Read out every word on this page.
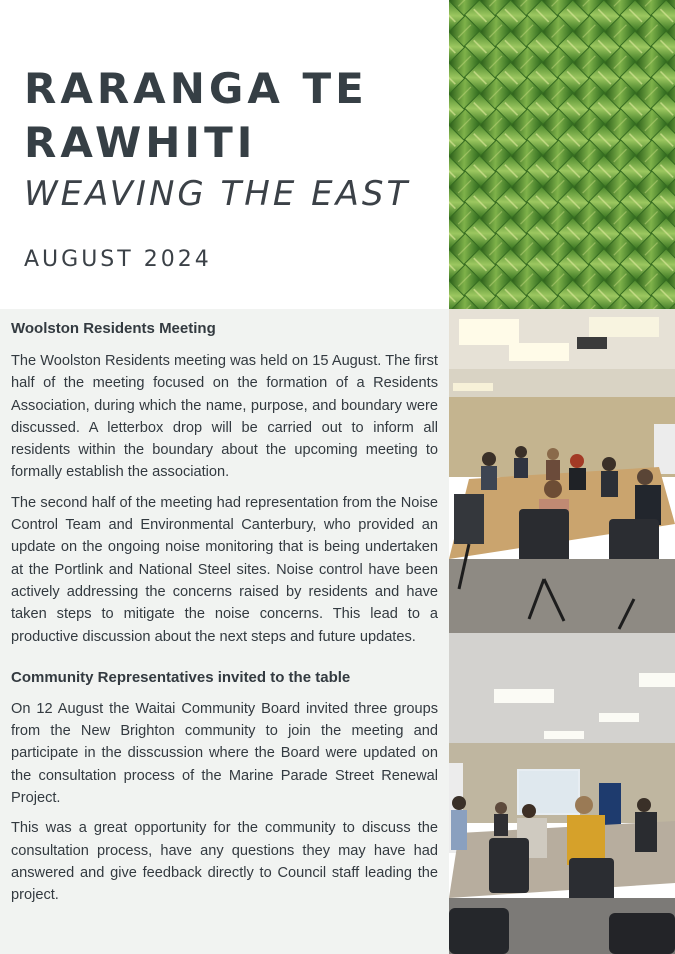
RARANGA TE
RAWHITI
WEAVING THE EAST
AUGUST 2024
Woolston Residents Meeting

The Woolston Residents meeting was held on 15 August. The first half of the meeting focused on the formation of a Residents Association, during which the name, purpose, and boundary were discussed. A letterbox drop will be carried out to inform all residents within the boundary about the upcoming meeting to formally establish the association.

The second half of the meeting had representation from the Noise Control Team and Environmental Canterbury, who provided an update on the ongoing noise monitoring that is being undertaken at the Portlink and National Steel sites. Noise control have been actively addressing the concerns raised by residents and have taken steps to mitigate the noise concerns. This lead to a productive discussion about the next steps and future updates.

Community Representatives invited to the table

On 12 August the Waitai Community Board invited three groups from the New Brighton community to join the meeting and participate in the disscussion where the Board were updated on the consultation process of the Marine Parade Street Renewal Project.

This was a great opportunity for the community to discuss the consultation process, have any questions they may have had answered and give feedback directly to Council staff leading the project.
